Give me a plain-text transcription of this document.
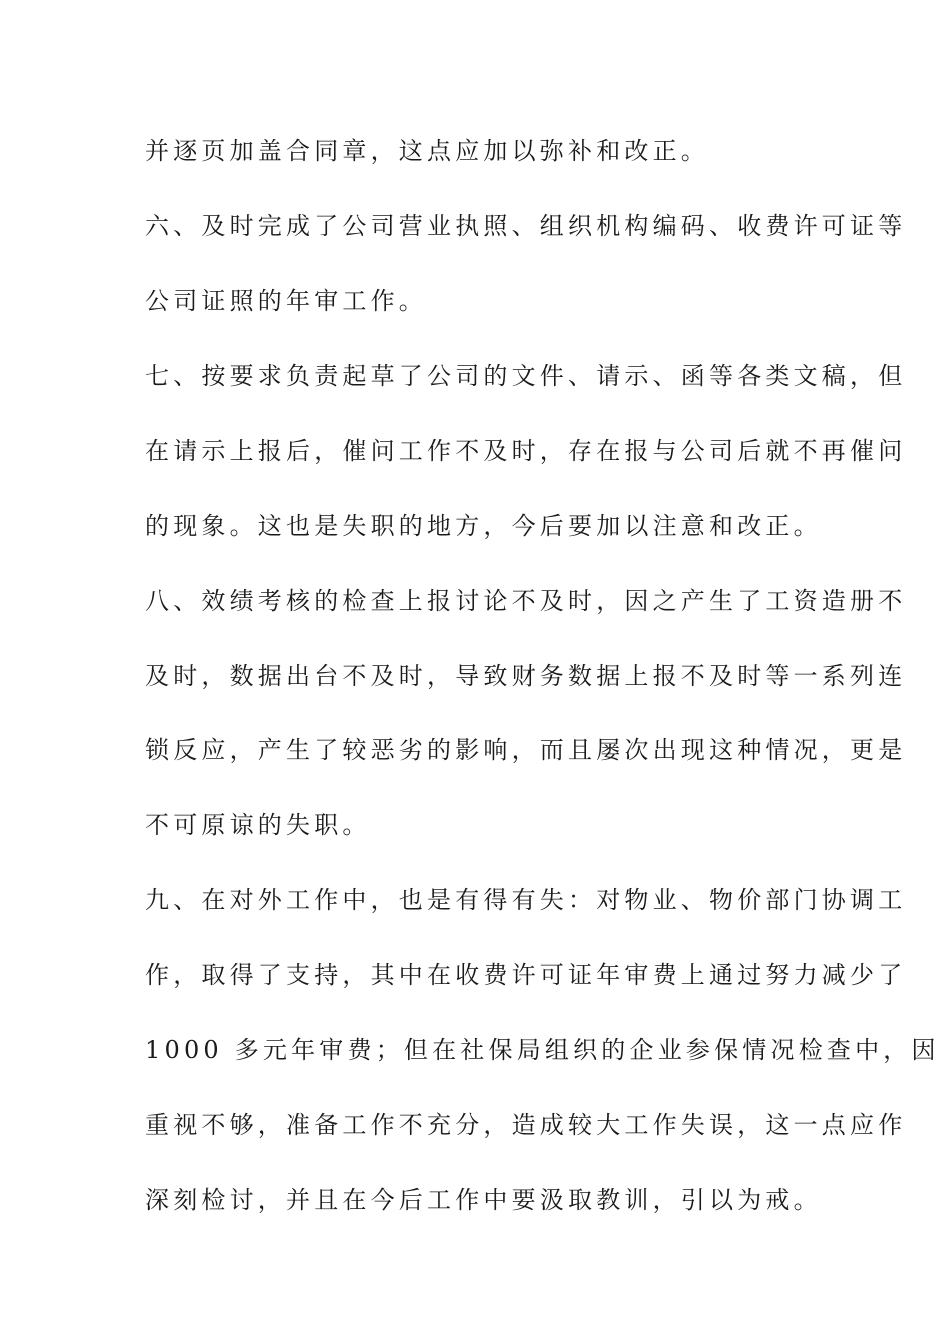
并逐页加盖合同章，这点应加以弥补和改正。
六、及时完成了公司营业执照、组织机构编码、收费许可证等
公司证照的年审工作。
七、按要求负责起草了公司的文件、请示、函等各类文稿，但
在请示上报后，催问工作不及时，存在报与公司后就不再催问
的现象。这也是失职的地方，今后要加以注意和改正。
八、效绩考核的检查上报讨论不及时，因之产生了工资造册不
及时，数据出台不及时，导致财务数据上报不及时等一系列连
锁反应，产生了较恶劣的影响，而且屡次出现这种情况，更是
不可原谅的失职。
九、在对外工作中，也是有得有失：对物业、物价部门协调工
作，取得了支持，其中在收费许可证年审费上通过努力减少了
1000 多元年审费；但在社保局组织的企业参保情况检查中，因
重视不够，准备工作不充分，造成较大工作失误，这一点应作
深刻检讨，并且在今后工作中要汲取教训，引以为戒。
